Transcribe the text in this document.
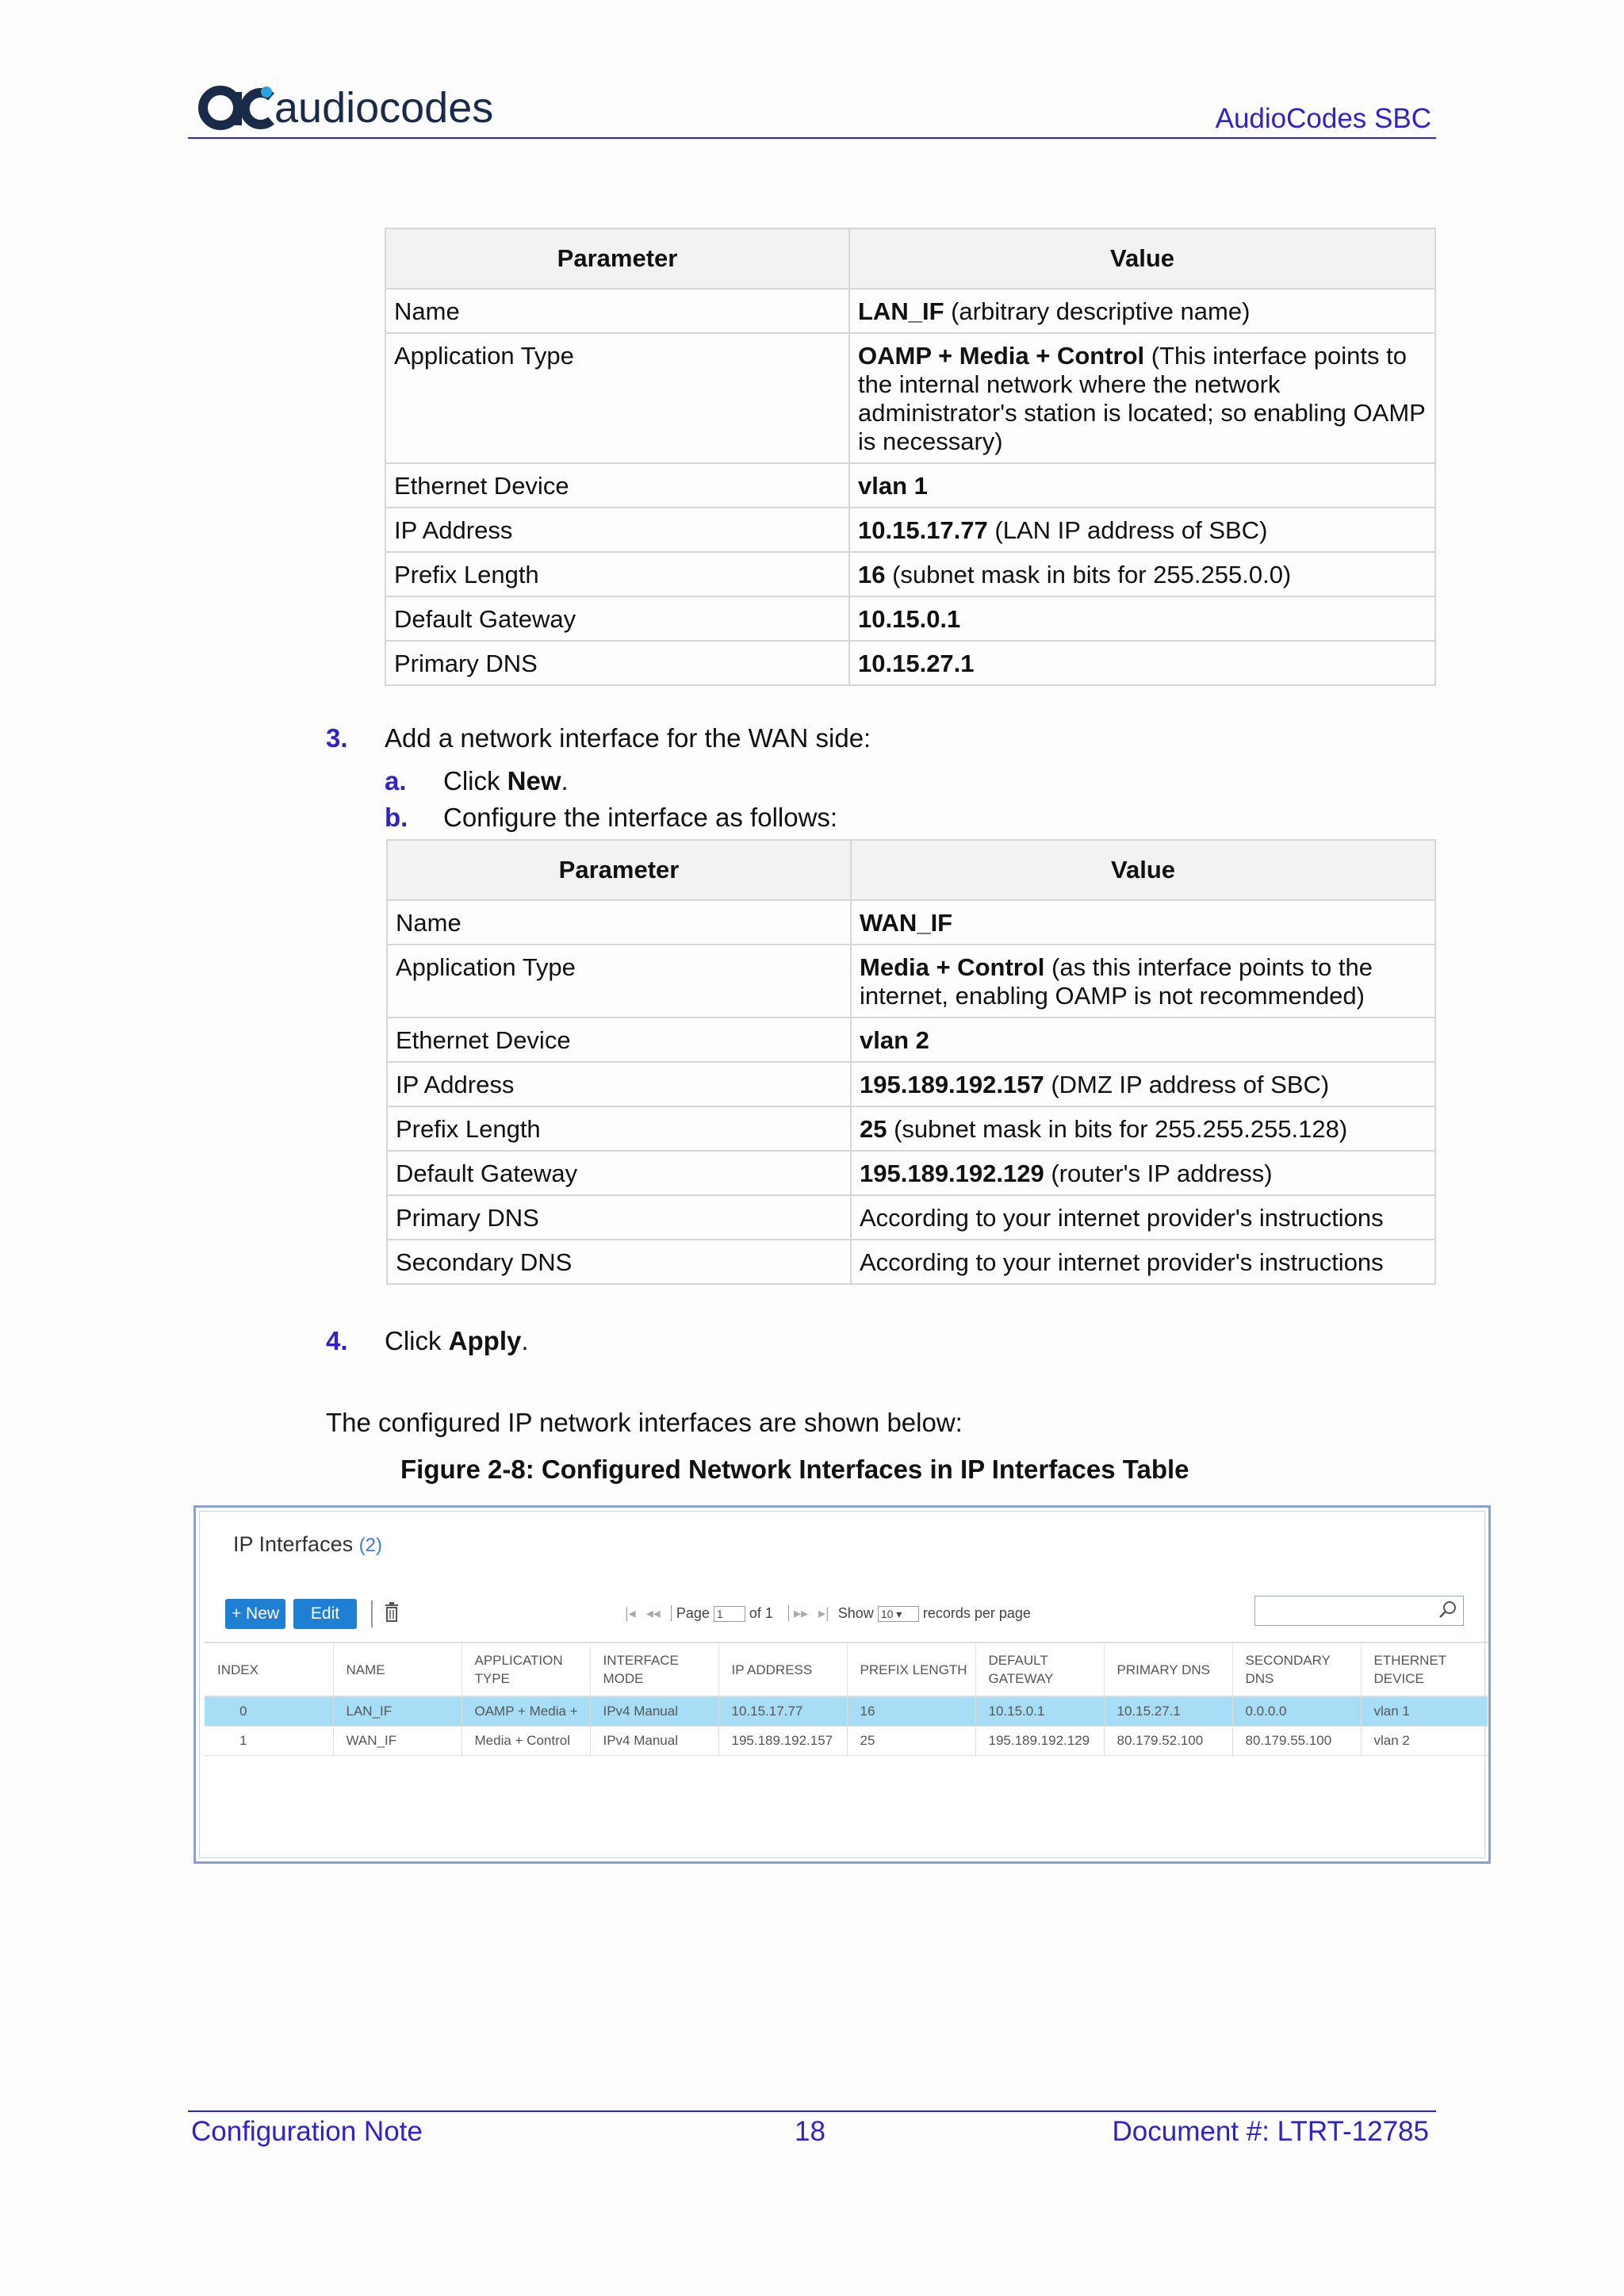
audiocodes	AudioCodes SBC
Parameter	Value
Name	LAN_IF (arbitrary descriptive name)
Application Type	OAMP + Media + Control (This interface points to the internal network where the network administrator's station is located; so enabling OAMP is necessary)
Ethernet Device	vlan 1
IP Address	10.15.17.77 (LAN IP address of SBC)
Prefix Length	16 (subnet mask in bits for 255.255.0.0)
Default Gateway	10.15.0.1
Primary DNS	10.15.27.1
3. Add a network interface for the WAN side:
a. Click New.
b. Configure the interface as follows:
Parameter	Value
Name	WAN_IF
Application Type	Media + Control (as this interface points to the internet, enabling OAMP is not recommended)
Ethernet Device	vlan 2
IP Address	195.189.192.157 (DMZ IP address of SBC)
Prefix Length	25 (subnet mask in bits for 255.255.255.128)
Default Gateway	195.189.192.129 (router's IP address)
Primary DNS	According to your internet provider's instructions
Secondary DNS	According to your internet provider's instructions
4. Click Apply.
The configured IP network interfaces are shown below:
Figure 2-8: Configured Network Interfaces in IP Interfaces Table
IP Interfaces (2)
+ New	Edit	|◂ ◂◂ Page 1 of 1 ▸▸ ▸| Show 10 ▾ records per page
INDEX	NAME	APPLICATION TYPE	INTERFACE MODE	IP ADDRESS	PREFIX LENGTH	DEFAULT GATEWAY	PRIMARY DNS	SECONDARY DNS	ETHERNET DEVICE
0	LAN_IF	OAMP + Media +	IPv4 Manual	10.15.17.77	16	10.15.0.1	10.15.27.1	0.0.0.0	vlan 1
1	WAN_IF	Media + Control	IPv4 Manual	195.189.192.157	25	195.189.192.129	80.179.52.100	80.179.55.100	vlan 2
Configuration Note	18	Document #: LTRT-12785
